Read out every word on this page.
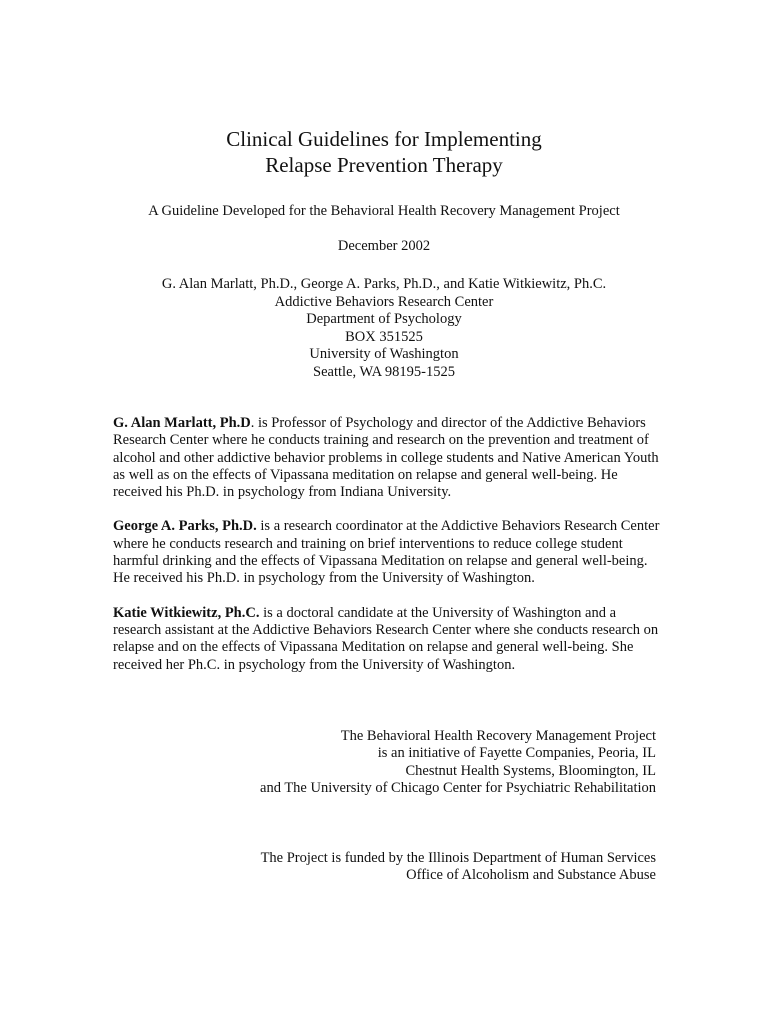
Clinical Guidelines for Implementing
Relapse Prevention Therapy
A Guideline Developed for the Behavioral Health Recovery Management Project
December 2002
G. Alan Marlatt, Ph.D., George A. Parks, Ph.D., and Katie Witkiewitz, Ph.C.
Addictive Behaviors Research Center
Department of Psychology
BOX 351525
University of Washington
Seattle, WA 98195-1525

G. Alan Marlatt, Ph.D. is Professor of Psychology and director of the Addictive Behaviors Research Center where he conducts training and research on the prevention and treatment of alcohol and other addictive behavior problems in college students and Native American Youth as well as on the effects of Vipassana meditation on relapse and general well-being. He received his Ph.D. in psychology from Indiana University.

George A. Parks, Ph.D. is a research coordinator at the Addictive Behaviors Research Center where he conducts research and training on brief interventions to reduce college student harmful drinking and the effects of Vipassana Meditation on relapse and general well-being. He received his Ph.D. in psychology from the University of Washington.

Katie Witkiewitz, Ph.C. is a doctoral candidate at the University of Washington and a research assistant at the Addictive Behaviors Research Center where she conducts research on relapse and on the effects of Vipassana Meditation on relapse and general well-being. She received her Ph.C. in psychology from the University of Washington.

The Behavioral Health Recovery Management Project
is an initiative of Fayette Companies, Peoria, IL
Chestnut Health Systems, Bloomington, IL
and The University of Chicago Center for Psychiatric Rehabilitation
The Project is funded by the Illinois Department of Human Services
Office of Alcoholism and Substance Abuse
